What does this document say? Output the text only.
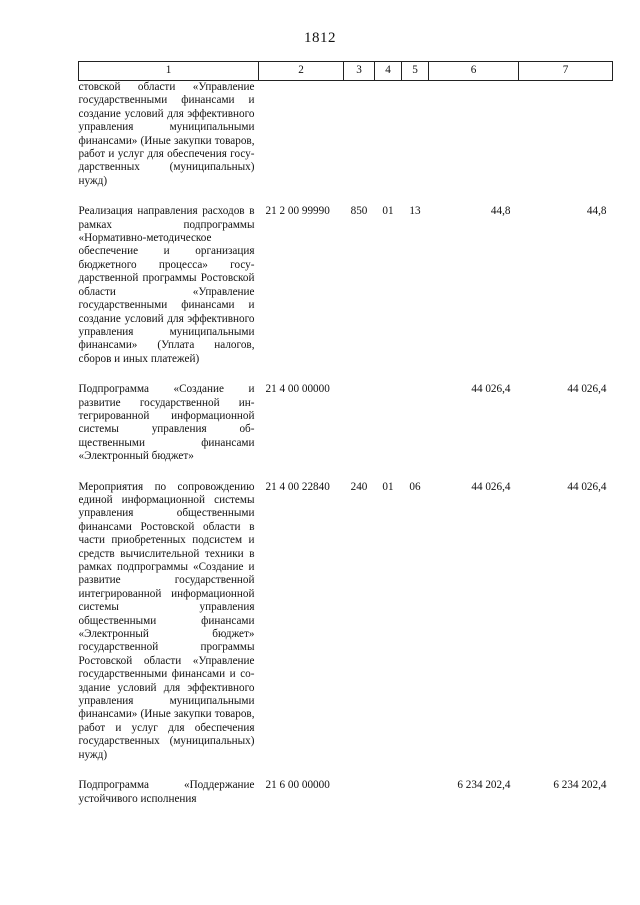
1812
1	2	3	4	5	6	7
стовской области «Управление государственными финансами и создание условий для эффективного управления муниципальными финансами» (Иные закупки товаров, работ и услуг для обеспечения государственных (муниципальных) нужд)						
Реализация направления расходов в рамках подпрограммы «Нормативно-методическое обеспечение и организация бюджетного процесса» государственной программы Ростовской области «Управление государственными финансами и создание условий для эффективного управления муниципальными финансами» (Уплата налогов, сборов и иных платежей)	21 2 00 99990	850	01	13	44,8	44,8
Подпрограмма «Создание и развитие государственной интегрированной информационной системы управления общественными финансами «Электронный бюджет»	21 4 00 00000				44 026,4	44 026,4
Мероприятия по сопровождению единой информационной системы управления общественными финансами Ростовской области в части приобретенных подсистем и средств вычислительной техники в рамках подпрограммы «Создание и развитие государственной интегрированной информационной системы управления общественными финансами «Электронный бюджет» государственной программы Ростовской области «Управление государственными финансами и создание условий для эффективного управления муниципальными финансами» (Иные закупки товаров, работ и услуг для обеспечения государственных (муниципальных) нужд)	21 4 00 22840	240	01	06	44 026,4	44 026,4
Подпрограмма «Поддержание устойчивого исполнения	21 6 00 00000				6 234 202,4	6 234 202,4
